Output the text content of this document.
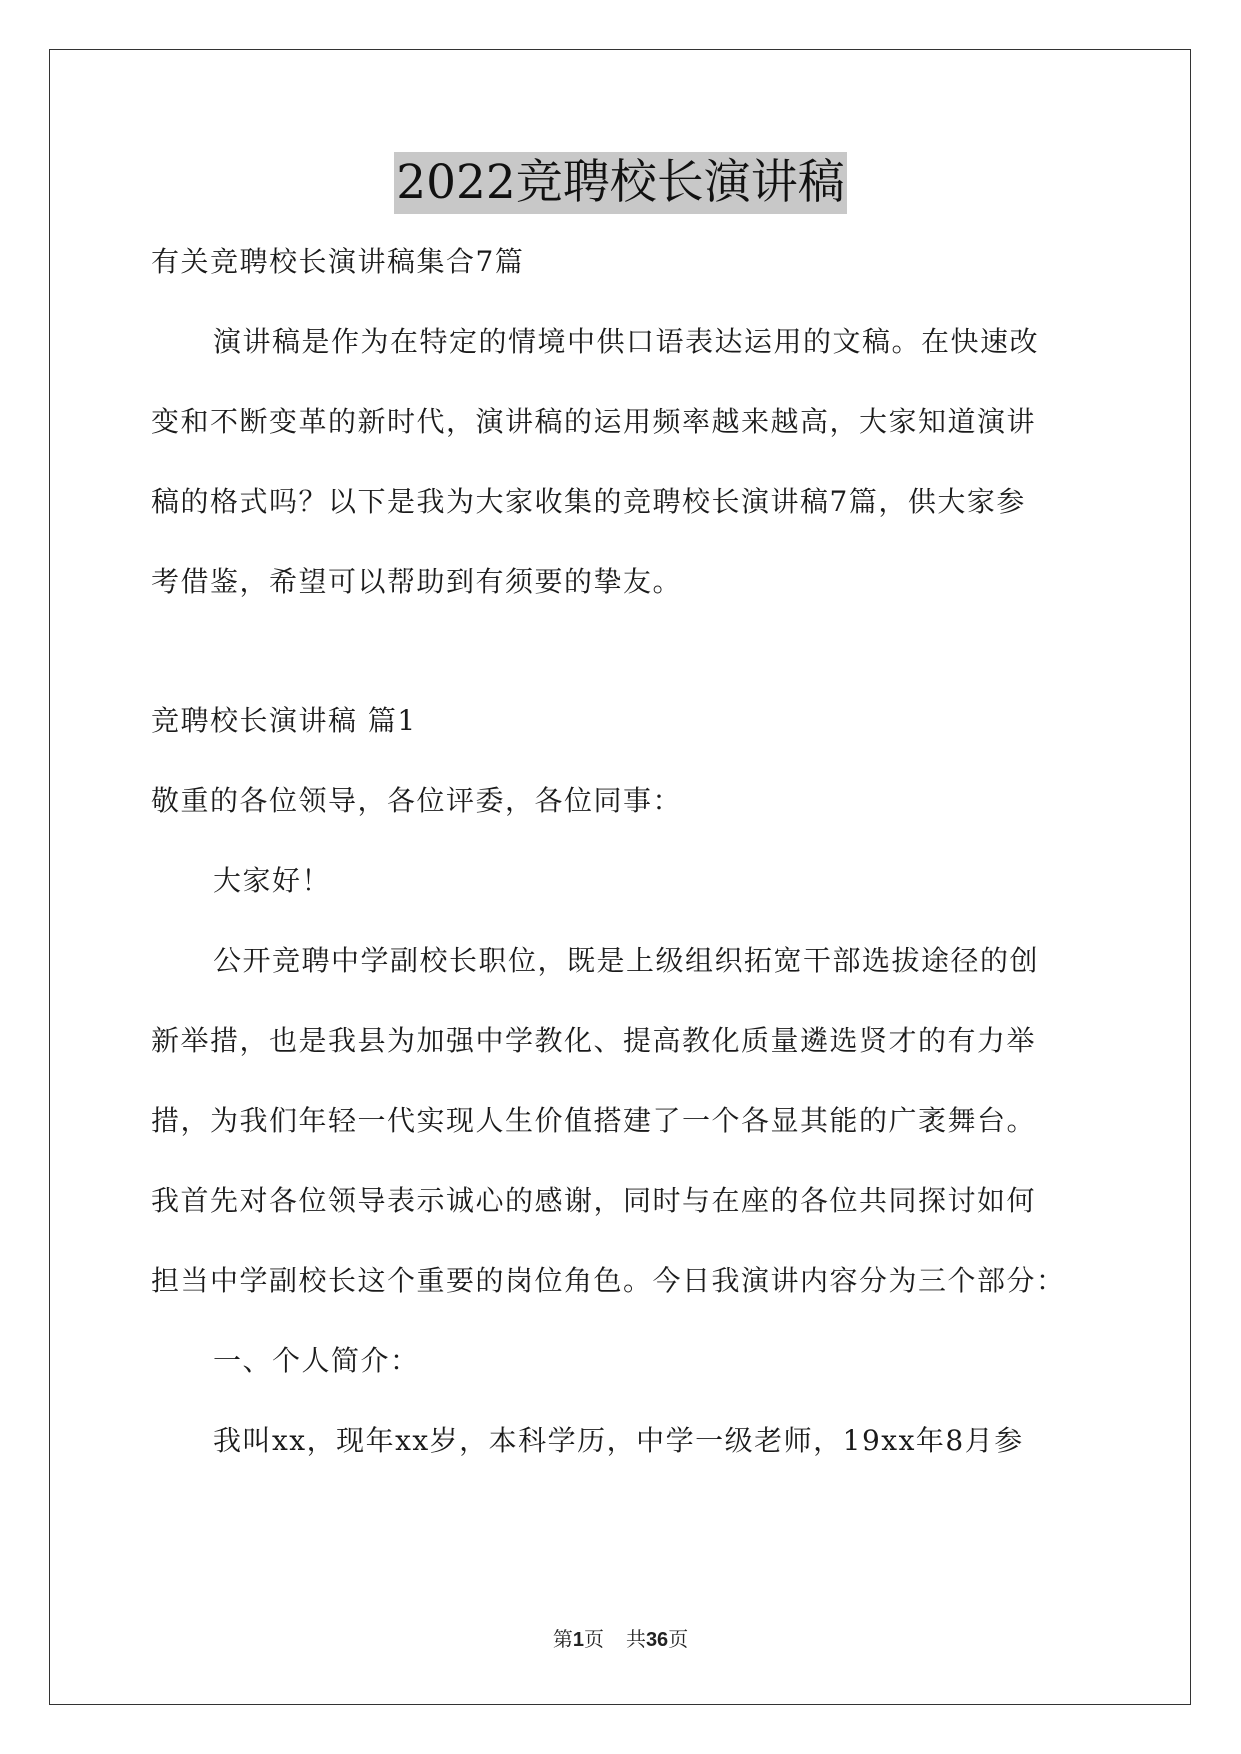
2022竞聘校长演讲稿
有关竞聘校长演讲稿集合7篇
演讲稿是作为在特定的情境中供口语表达运用的文稿。在快速改
变和不断变革的新时代，演讲稿的运用频率越来越高，大家知道演讲
稿的格式吗？以下是我为大家收集的竞聘校长演讲稿7篇，供大家参
考借鉴，希望可以帮助到有须要的挚友。
竞聘校长演讲稿 篇1
敬重的各位领导，各位评委，各位同事：
大家好！
公开竞聘中学副校长职位，既是上级组织拓宽干部选拔途径的创
新举措，也是我县为加强中学教化、提高教化质量遴选贤才的有力举
措，为我们年轻一代实现人生价值搭建了一个各显其能的广袤舞台。
我首先对各位领导表示诚心的感谢，同时与在座的各位共同探讨如何
担当中学副校长这个重要的岗位角色。今日我演讲内容分为三个部分：
一、个人简介：
我叫xx，现年xx岁，本科学历，中学一级老师，19xx年8月参
第1页 共36页
